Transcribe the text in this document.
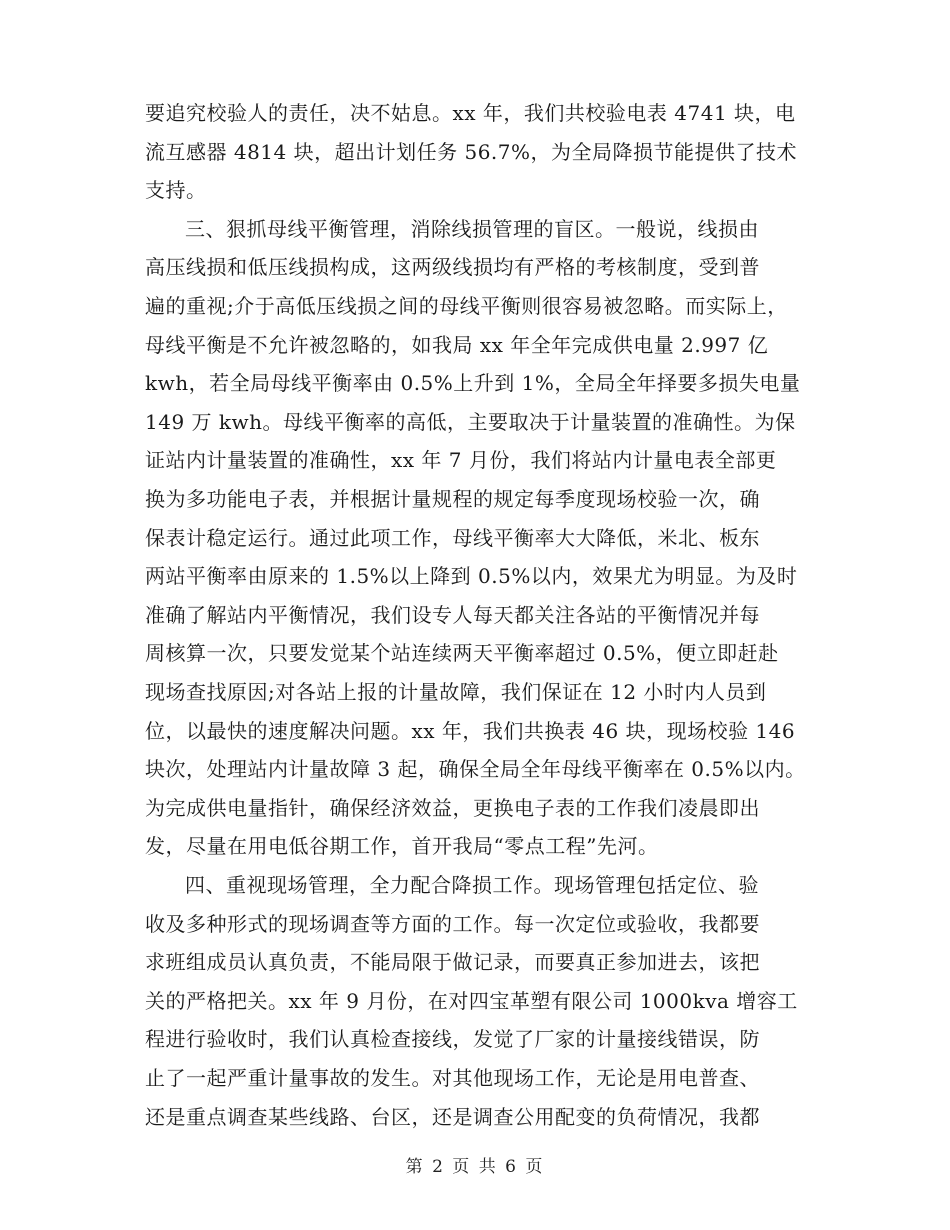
要追究校验人的责任，决不姑息。xx 年，我们共校验电表 4741 块，电
流互感器 4814 块，超出计划任务 56.7%，为全局降损节能提供了技术
支持。
三、狠抓母线平衡管理，消除线损管理的盲区。一般说，线损由
高压线损和低压线损构成，这两级线损均有严格的考核制度，受到普
遍的重视;介于高低压线损之间的母线平衡则很容易被忽略。而实际上，
母线平衡是不允许被忽略的，如我局 xx 年全年完成供电量 2.997 亿
kwh，若全局母线平衡率由 0.5%上升到 1%，全局全年择要多损失电量
149 万 kwh。母线平衡率的高低，主要取决于计量装置的准确性。为保
证站内计量装置的准确性，xx 年 7 月份，我们将站内计量电表全部更
换为多功能电子表，并根据计量规程的规定每季度现场校验一次，确
保表计稳定运行。通过此项工作，母线平衡率大大降低，米北、板东
两站平衡率由原来的 1.5%以上降到 0.5%以内，效果尤为明显。为及时
准确了解站内平衡情况，我们设专人每天都关注各站的平衡情况并每
周核算一次，只要发觉某个站连续两天平衡率超过 0.5%，便立即赶赴
现场查找原因;对各站上报的计量故障，我们保证在 12 小时内人员到
位，以最快的速度解决问题。xx 年，我们共换表 46 块，现场校验 146
块次，处理站内计量故障 3 起，确保全局全年母线平衡率在 0.5%以内。
为完成供电量指针，确保经济效益，更换电子表的工作我们凌晨即出
发，尽量在用电低谷期工作，首开我局“零点工程”先河。
四、重视现场管理，全力配合降损工作。现场管理包括定位、验
收及多种形式的现场调查等方面的工作。每一次定位或验收，我都要
求班组成员认真负责，不能局限于做记录，而要真正参加进去，该把
关的严格把关。xx 年 9 月份，在对四宝革塑有限公司 1000kva 增容工
程进行验收时，我们认真检查接线，发觉了厂家的计量接线错误，防
止了一起严重计量事故的发生。对其他现场工作，无论是用电普查、
还是重点调查某些线路、台区，还是调查公用配变的负荷情况，我都
第 2 页 共 6 页
